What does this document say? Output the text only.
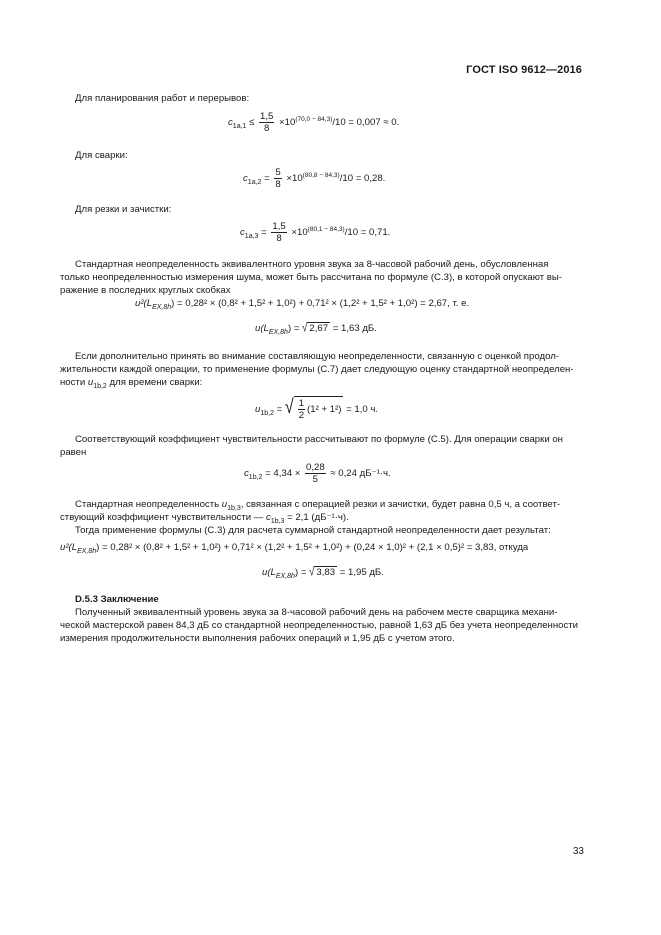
ГОСТ ISO 9612—2016
Для планирования работ и перерывов:
$c_{1a,1} \le \frac{1,5}{8} \times 10^{(70,0 - 84,3)}/10 = 0,007 \approx 0$.
Для сварки:
$c_{1a,2} = \frac{5}{8} \times 10^{(80,8 - 84,3)}/10 = 0,28$.
Для резки и зачистки:
$c_{1a,3} = \frac{1,5}{8} \times 10^{(80,1 - 84,3)}/10 = 0,71$.
Стандартная неопределенность эквивалентного уровня звука за 8-часовой рабочий день, обусловленная
только неопределенностью измерения шума, может быть рассчитана по формуле (С.3), в которой опускают вы-
ражение в последних круглых скобках
$u^2(L_{EX,8h}) = 0,28^2 \times (0,8^2 + 1,5^2 + 1,0^2) + 0,71^2 \times (1,2^2 + 1,5^2 + 1,0^2) = 2,67$, т. е.
$u(L_{EX,8h})$ = √ 2,67 = 1,63 дБ.
Если дополнительно принять во внимание составляющую неопределенности, связанную с оценкой продол-
жительности каждой операции, то применение формулы (С.7) дает следующую оценку стандартной неопределен-
ности $u_{1b,2}$ для времени сварки:
$u_{1b,2}$ = √ $\frac{1}{2} (1^2 + 1^2) = 1,0$ ч.
Соответствующий коэффициент чувствительности рассчитывают по формуле (С.5). Для операции сварки он
равен
$c_{1b,2} = 4,34 \times \frac{0,28}{5} \approx 0,24$ дБ⁻¹·ч.
Стандартная неопределенность $u_{1b,3}$, связанная с операцией резки и зачистки, будет равна 0,5 ч, а соответ-
ствующий коэффициент чувствительности — $c_{1b,3} = 2,1$ (дБ⁻¹·ч).
Тогда применение формулы (С.3) для расчета суммарной стандартной неопределенности дает результат:
$u^2(L_{EX,8h}) = 0,28^2 \times (0,8^2 + 1,5^2 + 1,0^2) + 0,71^2 \times (1,2^2 + 1,5^2 + 1,0^2) + (0,24 \times 1,0)^2 + (2,1 \times 0,5)^2 = 3,83$, откуда
$u(L_{EX,8h})$ = √ 3,83 = 1,95 дБ.
D.5.3 Заключение
Полученный эквивалентный уровень звука за 8-часовой рабочий день на рабочем месте сварщика механи-
ческой мастерской равен 84,3 дБ со стандартной неопределенностью, равной 1,63 дБ без учета неопределенности
измерения продолжительности выполнения рабочих операций и 1,95 дБ с учетом этого.
33
